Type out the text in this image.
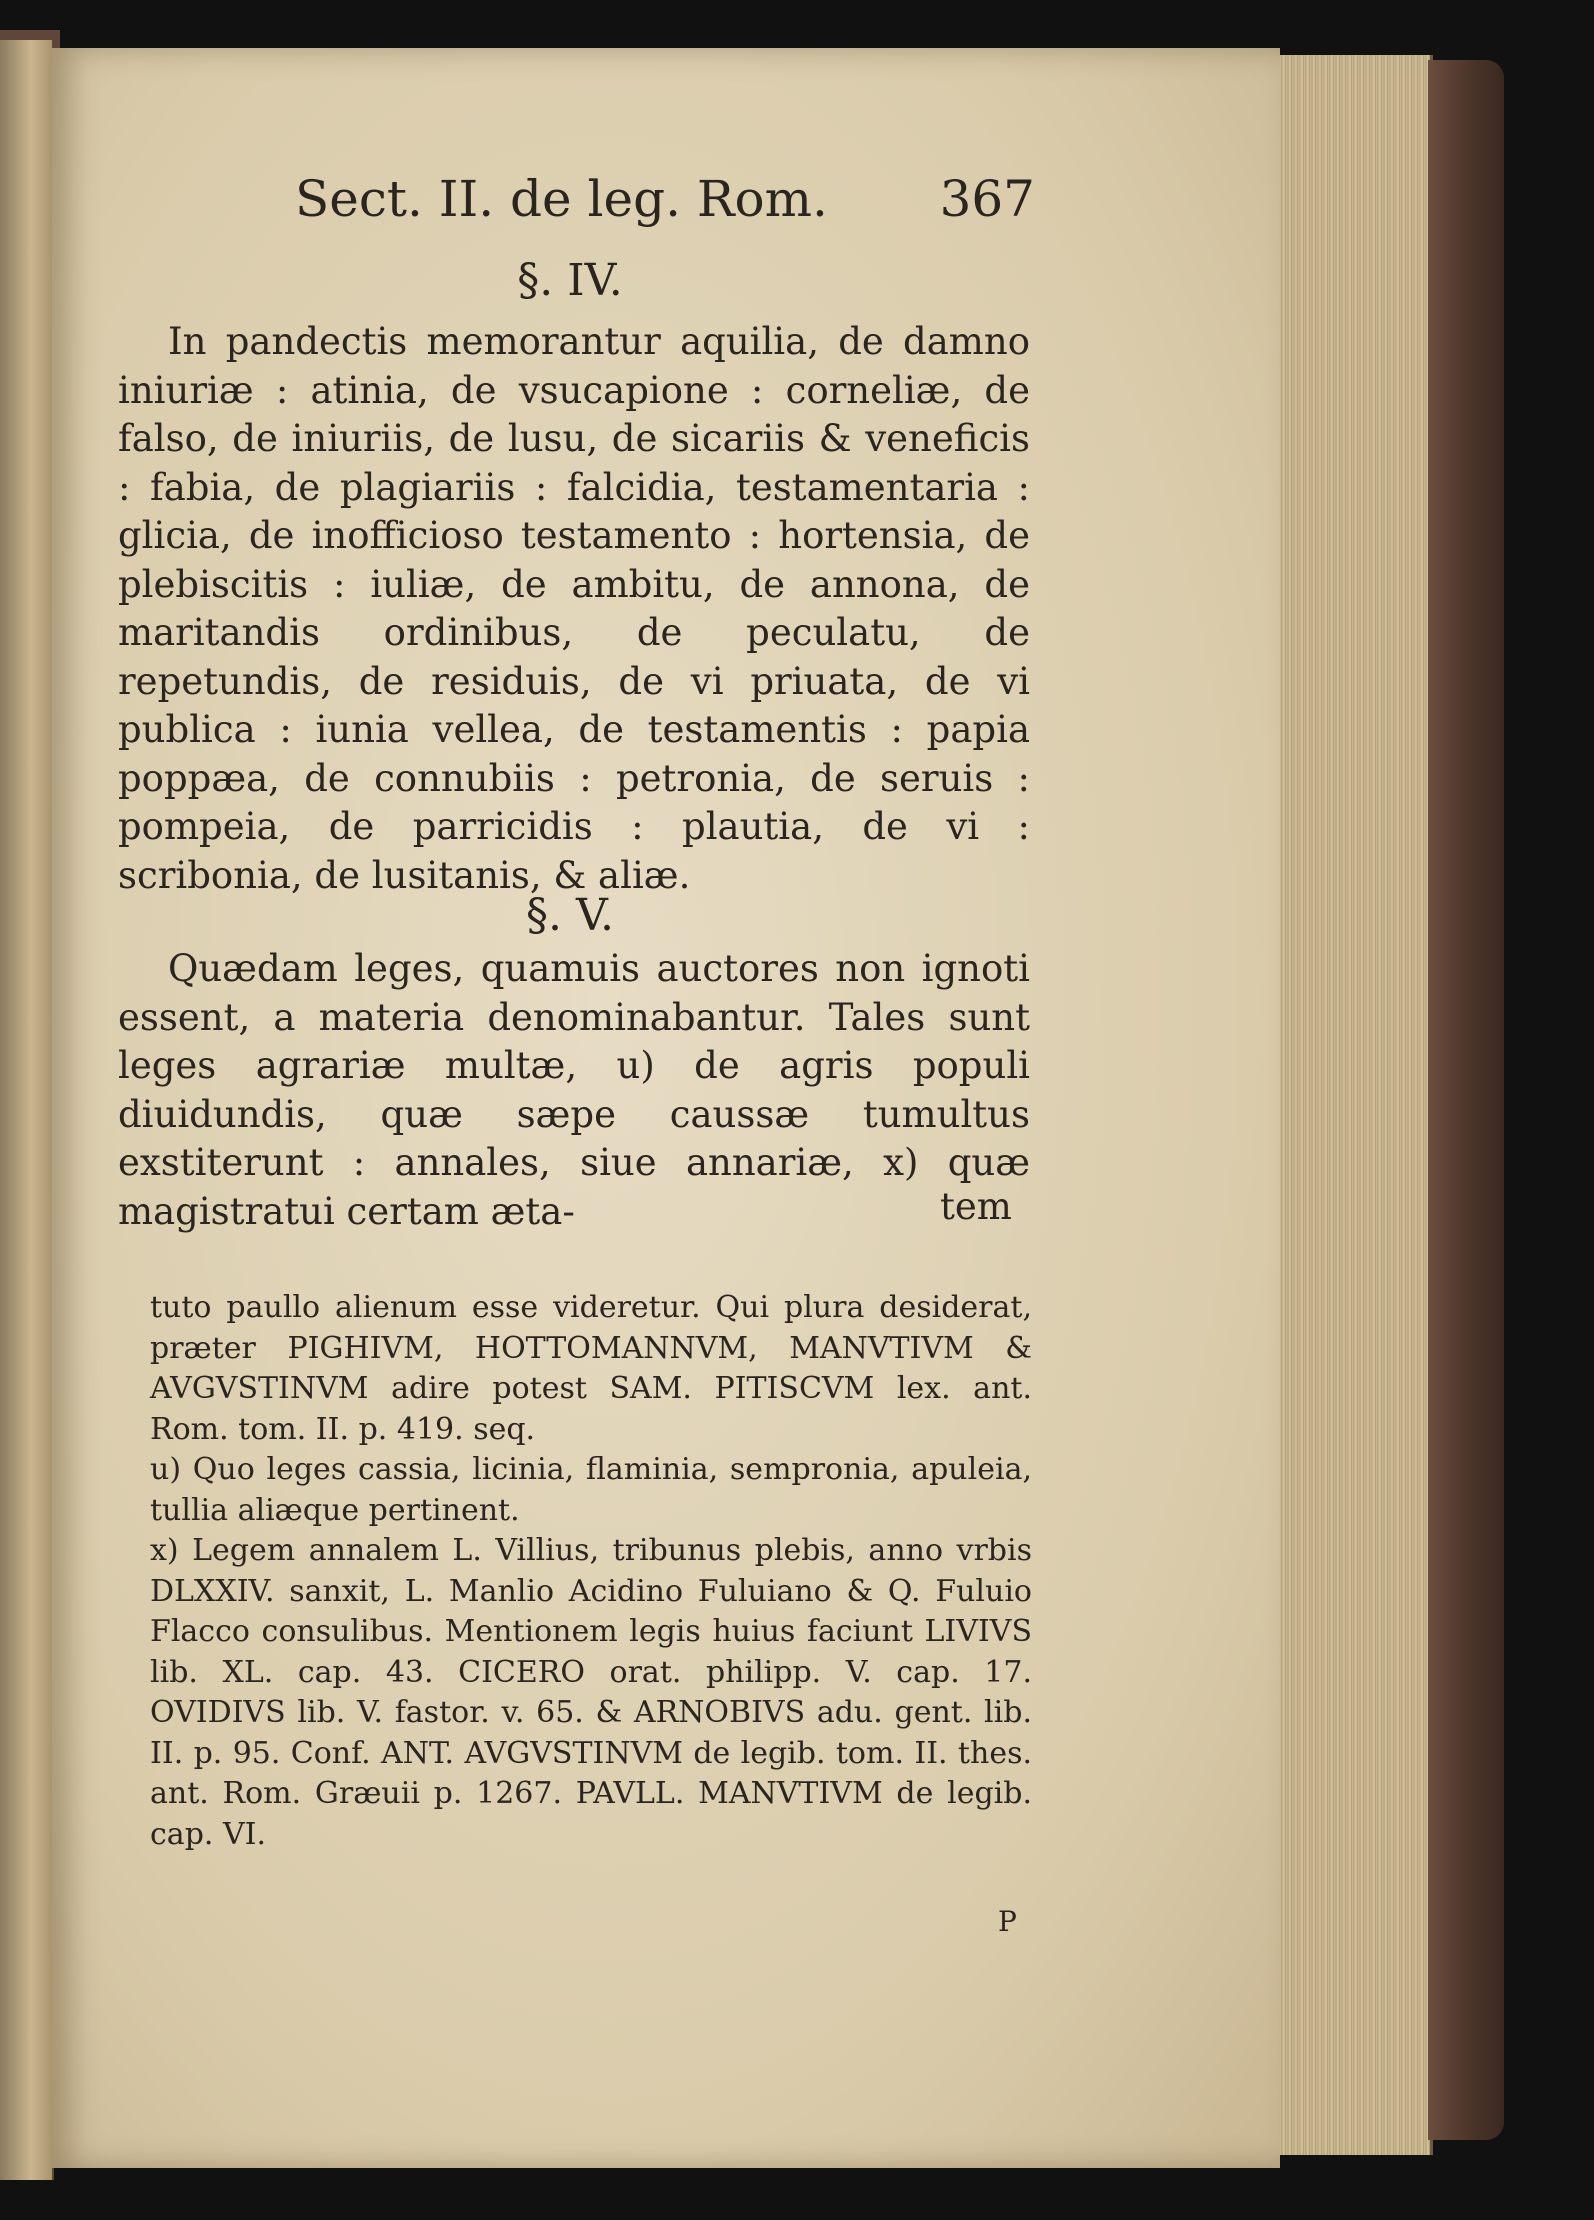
Sect. II. de leg. Rom. 367
§. IV.

In pandectis memorantur aquilia, de damno iniuriæ : atinia, de vsucapione : corneliæ, de falso, de iniuriis, de lusu, de sicariis & veneficis : fabia, de plagiariis : falcidia, testamentaria : glicia, de inofficioso testamento : hortensia, de plebiscitis : iuliæ, de ambitu, de annona, de maritandis ordinibus, de peculatu, de repetundis, de residuis, de vi priuata, de vi publica : iunia vellea, de testamentis : papia poppæa, de connubiis : petronia, de seruis : pompeia, de parricidis : plautia, de vi : scribonia, de lusitanis, & aliæ.

§. V.

Quædam leges, quamuis auctores non ignoti essent, a materia denominabantur. Tales sunt leges agrariæ multæ, u) de agris populi diuidundis, quæ sæpe caussæ tumultus exstiterunt : annales, siue annariæ, x) quæ magistratui certam æta-	tem

tuto paullo alienum esse videretur. Qui plura desiderat, præter PIGHIVM, HOTTOMANNVM, MANVTIVM & AVGVSTINVM adire potest SAM. PITISCVM lex. ant. Rom. tom. II. p. 419. seq.

u) Quo leges cassia, licinia, flaminia, sempronia, apuleia, tullia aliæque pertinent.

x) Legem annalem L. Villius, tribunus plebis, anno vrbis DLXXIV. sanxit, L. Manlio Acidino Fuluiano & Q. Fuluio Flacco consulibus. Mentionem legis huius faciunt LIVIVS lib. XL. cap. 43. CICERO orat. philipp. V. cap. 17. OVIDIVS lib. V. fastor. v. 65. & ARNOBIVS adu. gent. lib. II. p. 95. Conf. ANT. AVGVSTINVM de legib. tom. II. thes. ant. Rom. Græuii p. 1267. PAVLL. MANVTIVM de legib. cap. VI.

P
